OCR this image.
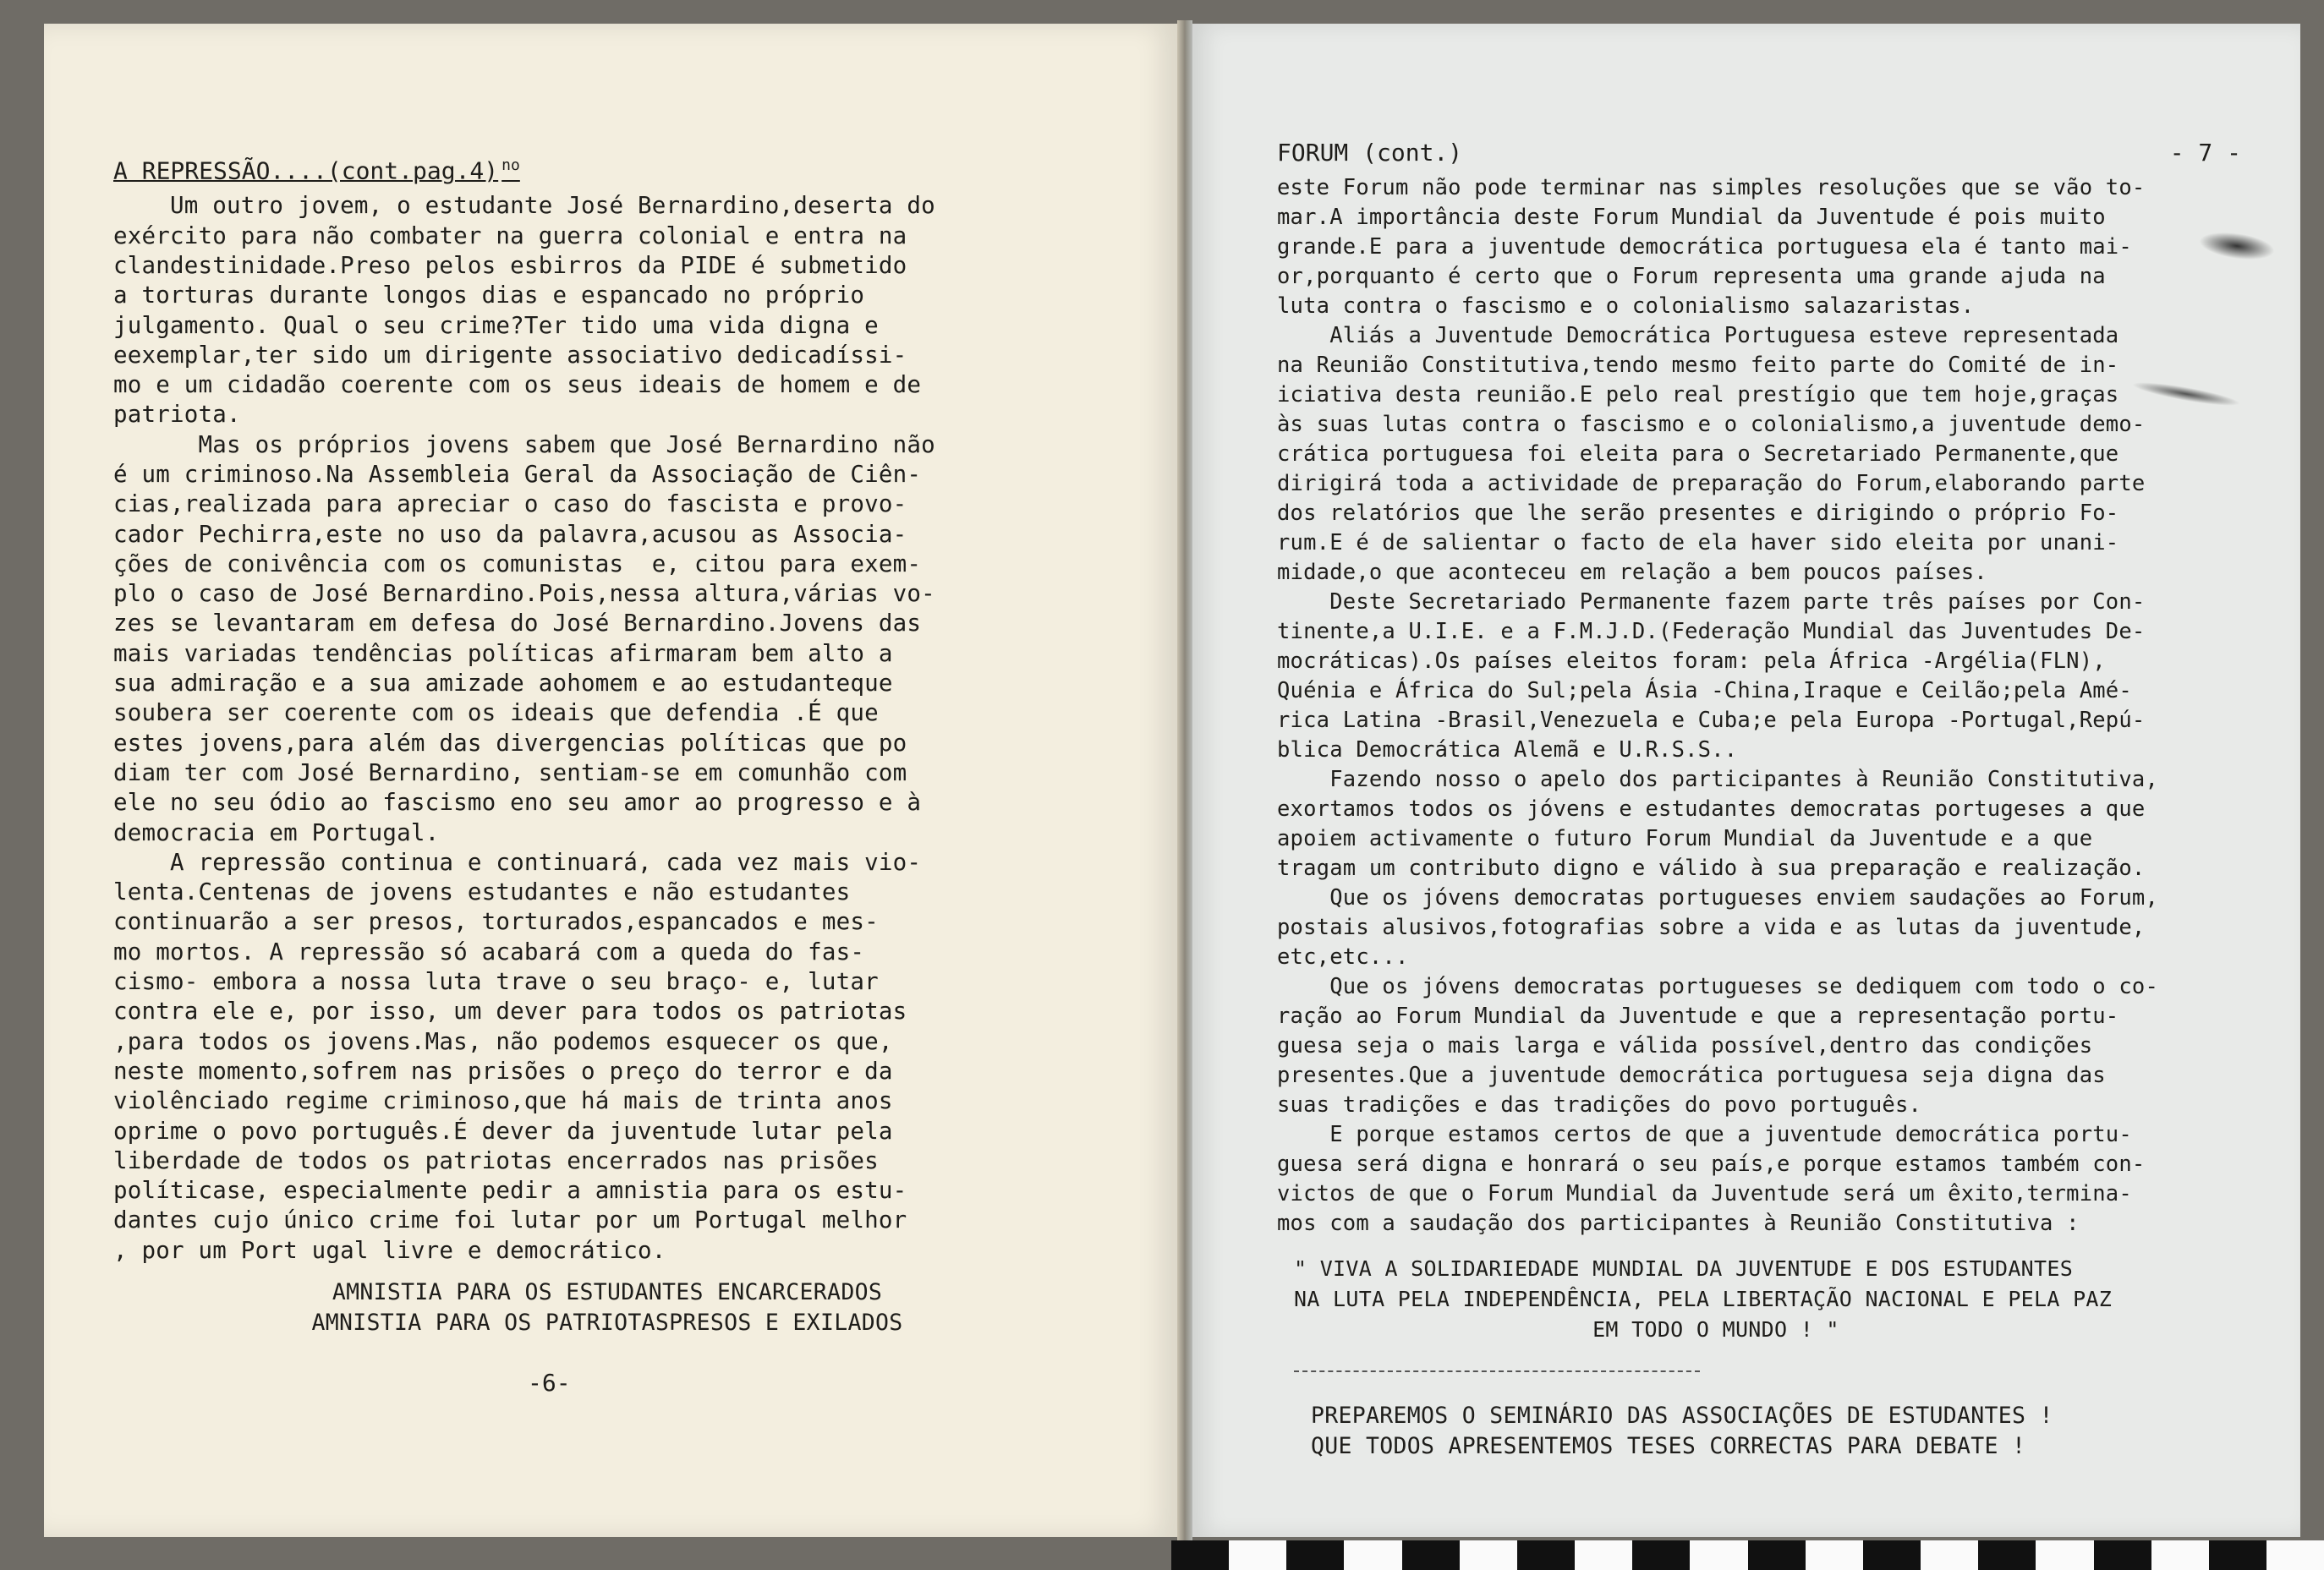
A REPRESSÃO....(cont.pag.4) $^{no}$

Um outro jovem, o estudante José Bernardino,deserta do
exército para não combater na guerra colonial e entra na
clandestinidade.Preso pelos esbirros da PIDE é submetido
a torturas durante longos dias e espancado no próprio
julgamento. Qual o seu crime?Ter tido uma vida digna e
eexemplar,ter sido um dirigente associativo dedicadíssi-
mo e um cidadão coerente com os seus ideais de homem e de
patriota.
Mas os próprios jovens sabem que José Bernardino não
é um criminoso.Na Assembleia Geral da Associação de Ciên-
cias,realizada para apreciar o caso do fascista e provo-
cador Pechirra,este no uso da palavra,acusou as Associa-
ções de conivência com os comunistas  e, citou para exem-
plo o caso de José Bernardino.Pois,nessa altura,várias vo-
zes se levantaram em defesa do José Bernardino.Jovens das
mais variadas tendências políticas afirmaram bem alto a
sua admiração e a sua amizade aohomem e ao estudanteque
soubera ser coerente com os ideais que defendia .É que
estes jovens,para além das divergencias políticas que po
diam ter com José Bernardino, sentiam-se em comunhão com
ele no seu ódio ao fascismo eno seu amor ao progresso e à
democracia em Portugal.
A repressão continua e continuará, cada vez mais vio-
lenta.Centenas de jovens estudantes e não estudantes
continuarão a ser presos, torturados,espancados e mes-
mo mortos. A repressão só acabará com a queda do fas-
cismo- embora a nossa luta trave o seu braço- e, lutar
contra ele e, por isso, um dever para todos os patriotas
,para todos os jovens.Mas, não podemos esquecer os que,
neste momento,sofrem nas prisões o preço do terror e da
violênciado regime criminoso,que há mais de trinta anos
oprime o povo português.É dever da juventude lutar pela
liberdade de todos os patriotas encerrados nas prisões
políticase, especialmente pedir a amnistia para os estu-
dantes cujo único crime foi lutar por um Portugal melhor
, por um Port ugal livre e democrático.

AMNISTIA PARA OS ESTUDANTES ENCARCERADOS

AMNISTIA PARA OS PATRIOTASPRESOS E EXILADOS

-6-
FORUM (cont.)	- 7 -

este Forum não pode terminar nas simples resoluções que se vão to-
mar.A importância deste Forum Mundial da Juventude é pois muito
grande.E para a juventude democrática portuguesa ela é tanto mai-
or,porquanto é certo que o Forum representa uma grande ajuda na
luta contra o fascismo e o colonialismo salazaristas.
Aliás a Juventude Democrática Portuguesa esteve representada
na Reunião Constitutiva,tendo mesmo feito parte do Comité de in-
iciativa desta reunião.E pelo real prestígio que tem hoje,graças
às suas lutas contra o fascismo e o colonialismo,a juventude demo-
crática portuguesa foi eleita para o Secretariado Permanente,que
dirigirá toda a actividade de preparação do Forum,elaborando parte
dos relatórios que lhe serão presentes e dirigindo o próprio Fo-
rum.E é de salientar o facto de ela haver sido eleita por unani-
midade,o que aconteceu em relação a bem poucos países.
Deste Secretariado Permanente fazem parte três países por Con-
tinente,a U.I.E. e a F.M.J.D.(Federação Mundial das Juventudes De-
mocráticas).Os países eleitos foram: pela África -Argélia(FLN),
Quénia e África do Sul;pela Ásia -China,Iraque e Ceilão;pela Amé-
rica Latina -Brasil,Venezuela e Cuba;e pela Europa -Portugal,Repú-
blica Democrática Alemã e U.R.S.S..
Fazendo nosso o apelo dos participantes à Reunião Constitutiva,
exortamos todos os jóvens e estudantes democratas portugeses a que
apoiem activamente o futuro Forum Mundial da Juventude e a que
tragam um contributo digno e válido à sua preparação e realização.
Que os jóvens democratas portugueses enviem saudações ao Forum,
postais alusivos,fotografias sobre a vida e as lutas da juventude,
etc,etc...
Que os jóvens democratas portugueses se dediquem com todo o co-
ração ao Forum Mundial da Juventude e que a representação portu-
guesa seja o mais larga e válida possível,dentro das condições
presentes.Que a juventude democrática portuguesa seja digna das
suas tradições e das tradições do povo português.
E porque estamos certos de que a juventude democrática portu-
guesa será digna e honrará o seu país,e porque estamos também con-
victos de que o Forum Mundial da Juventude será um êxito,termina-
mos com a saudação dos participantes à Reunião Constitutiva :

" VIVA A SOLIDARIEDADE MUNDIAL DA JUVENTUDE E DOS ESTUDANTES
NA LUTA PELA INDEPENDÊNCIA, PELA LIBERTAÇÃO NACIONAL E PELA PAZ
EM TODO O MUNDO ! "

PREPAREMOS O SEMINÁRIO DAS ASSOCIAÇÕES DE ESTUDANTES !

QUE TODOS APRESENTEMOS TESES CORRECTAS PARA DEBATE !
